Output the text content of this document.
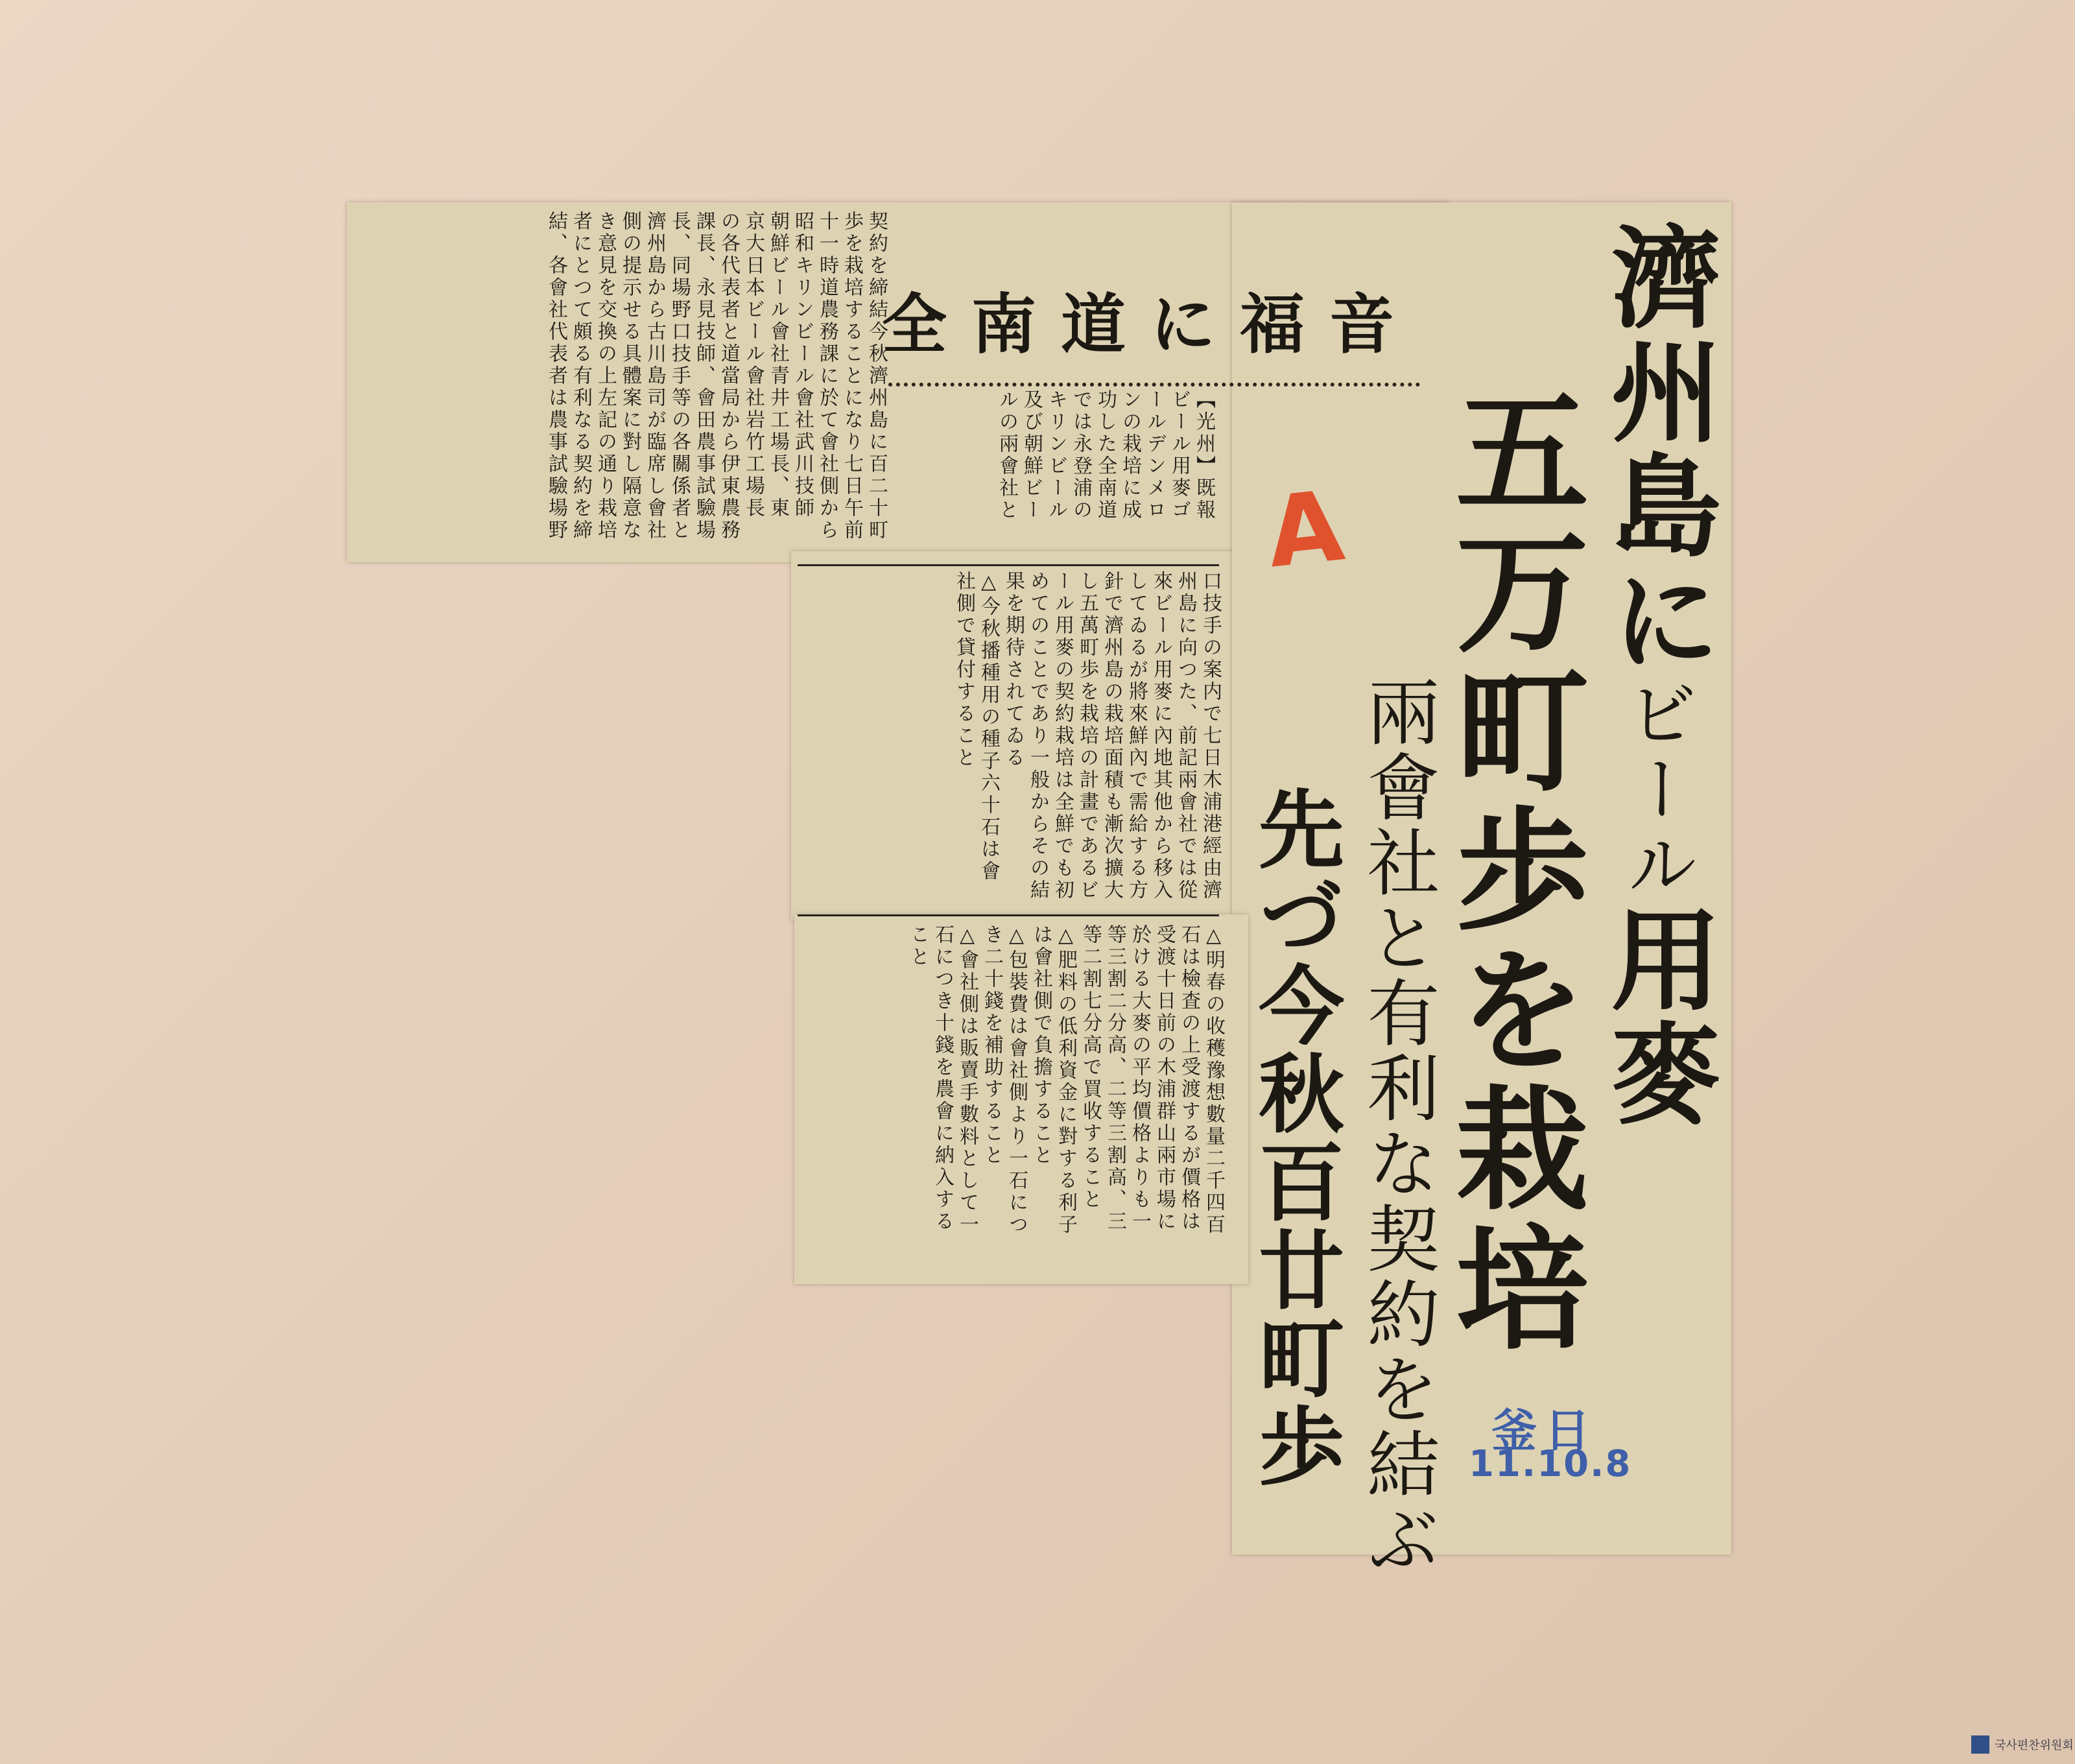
濟州島にビール用麥
五万町歩を栽培
兩會社と有利な契約を結ぶ
先づ今秋百廿町歩
全南道に福音
【光州】既報
ビール用麥ゴ
ールデンメロ
ンの栽培に成
功した全南道
では永登浦の
キリンビール
及び朝鮮ビー
ルの兩會社と
契約を締結今秋濟州島に百二十町
歩を栽培することになり七日午前
十一時道農務課に於て會社側から
昭和キリンビール會社武川技師
朝鮮ビール會社青井工場長、東
京大日本ビール會社岩竹工場長
の各代表者と道當局から伊東農務
課長、永見技師、會田農事試驗場
長、同場野口技手等の各關係者と
濟州島から古川島司が臨席し會社
側の提示せる具體案に對し隔意な
き意見を交換の上左記の通り栽培
者にとつて頗る有利なる契約を締
結、各會社代表者は農事試驗場野
口技手の案内で七日木浦港經由濟
州島に向つた、前記兩會社では從
來ビール用麥に內地其他から移入
してゐるが將來鮮內で需給する方
針で濟州島の栽培面積も漸次擴大
し五萬町歩を栽培の計畫であるビ
ール用麥の契約栽培は全鮮でも初
めてのことであり一般からその結
果を期待されてゐる
△今秋播種用の種子六十石は會
社側で貸付すること
△明春の收穫豫想數量二千四百
石は檢査の上受渡するが價格は
受渡十日前の木浦群山兩市場に
於ける大麥の平均價格よりも一
等三割二分高、二等三割高、三
等二割七分高で買收すること
△肥料の低利資金に對する利子
は會社側で負擔すること
△包裝費は會社側より一石につ
き二十錢を補助すること
△會社側は販賣手數料として一
石につき十錢を農會に納入する
こと
A
釜日
11.10.8
국사편찬위원회
